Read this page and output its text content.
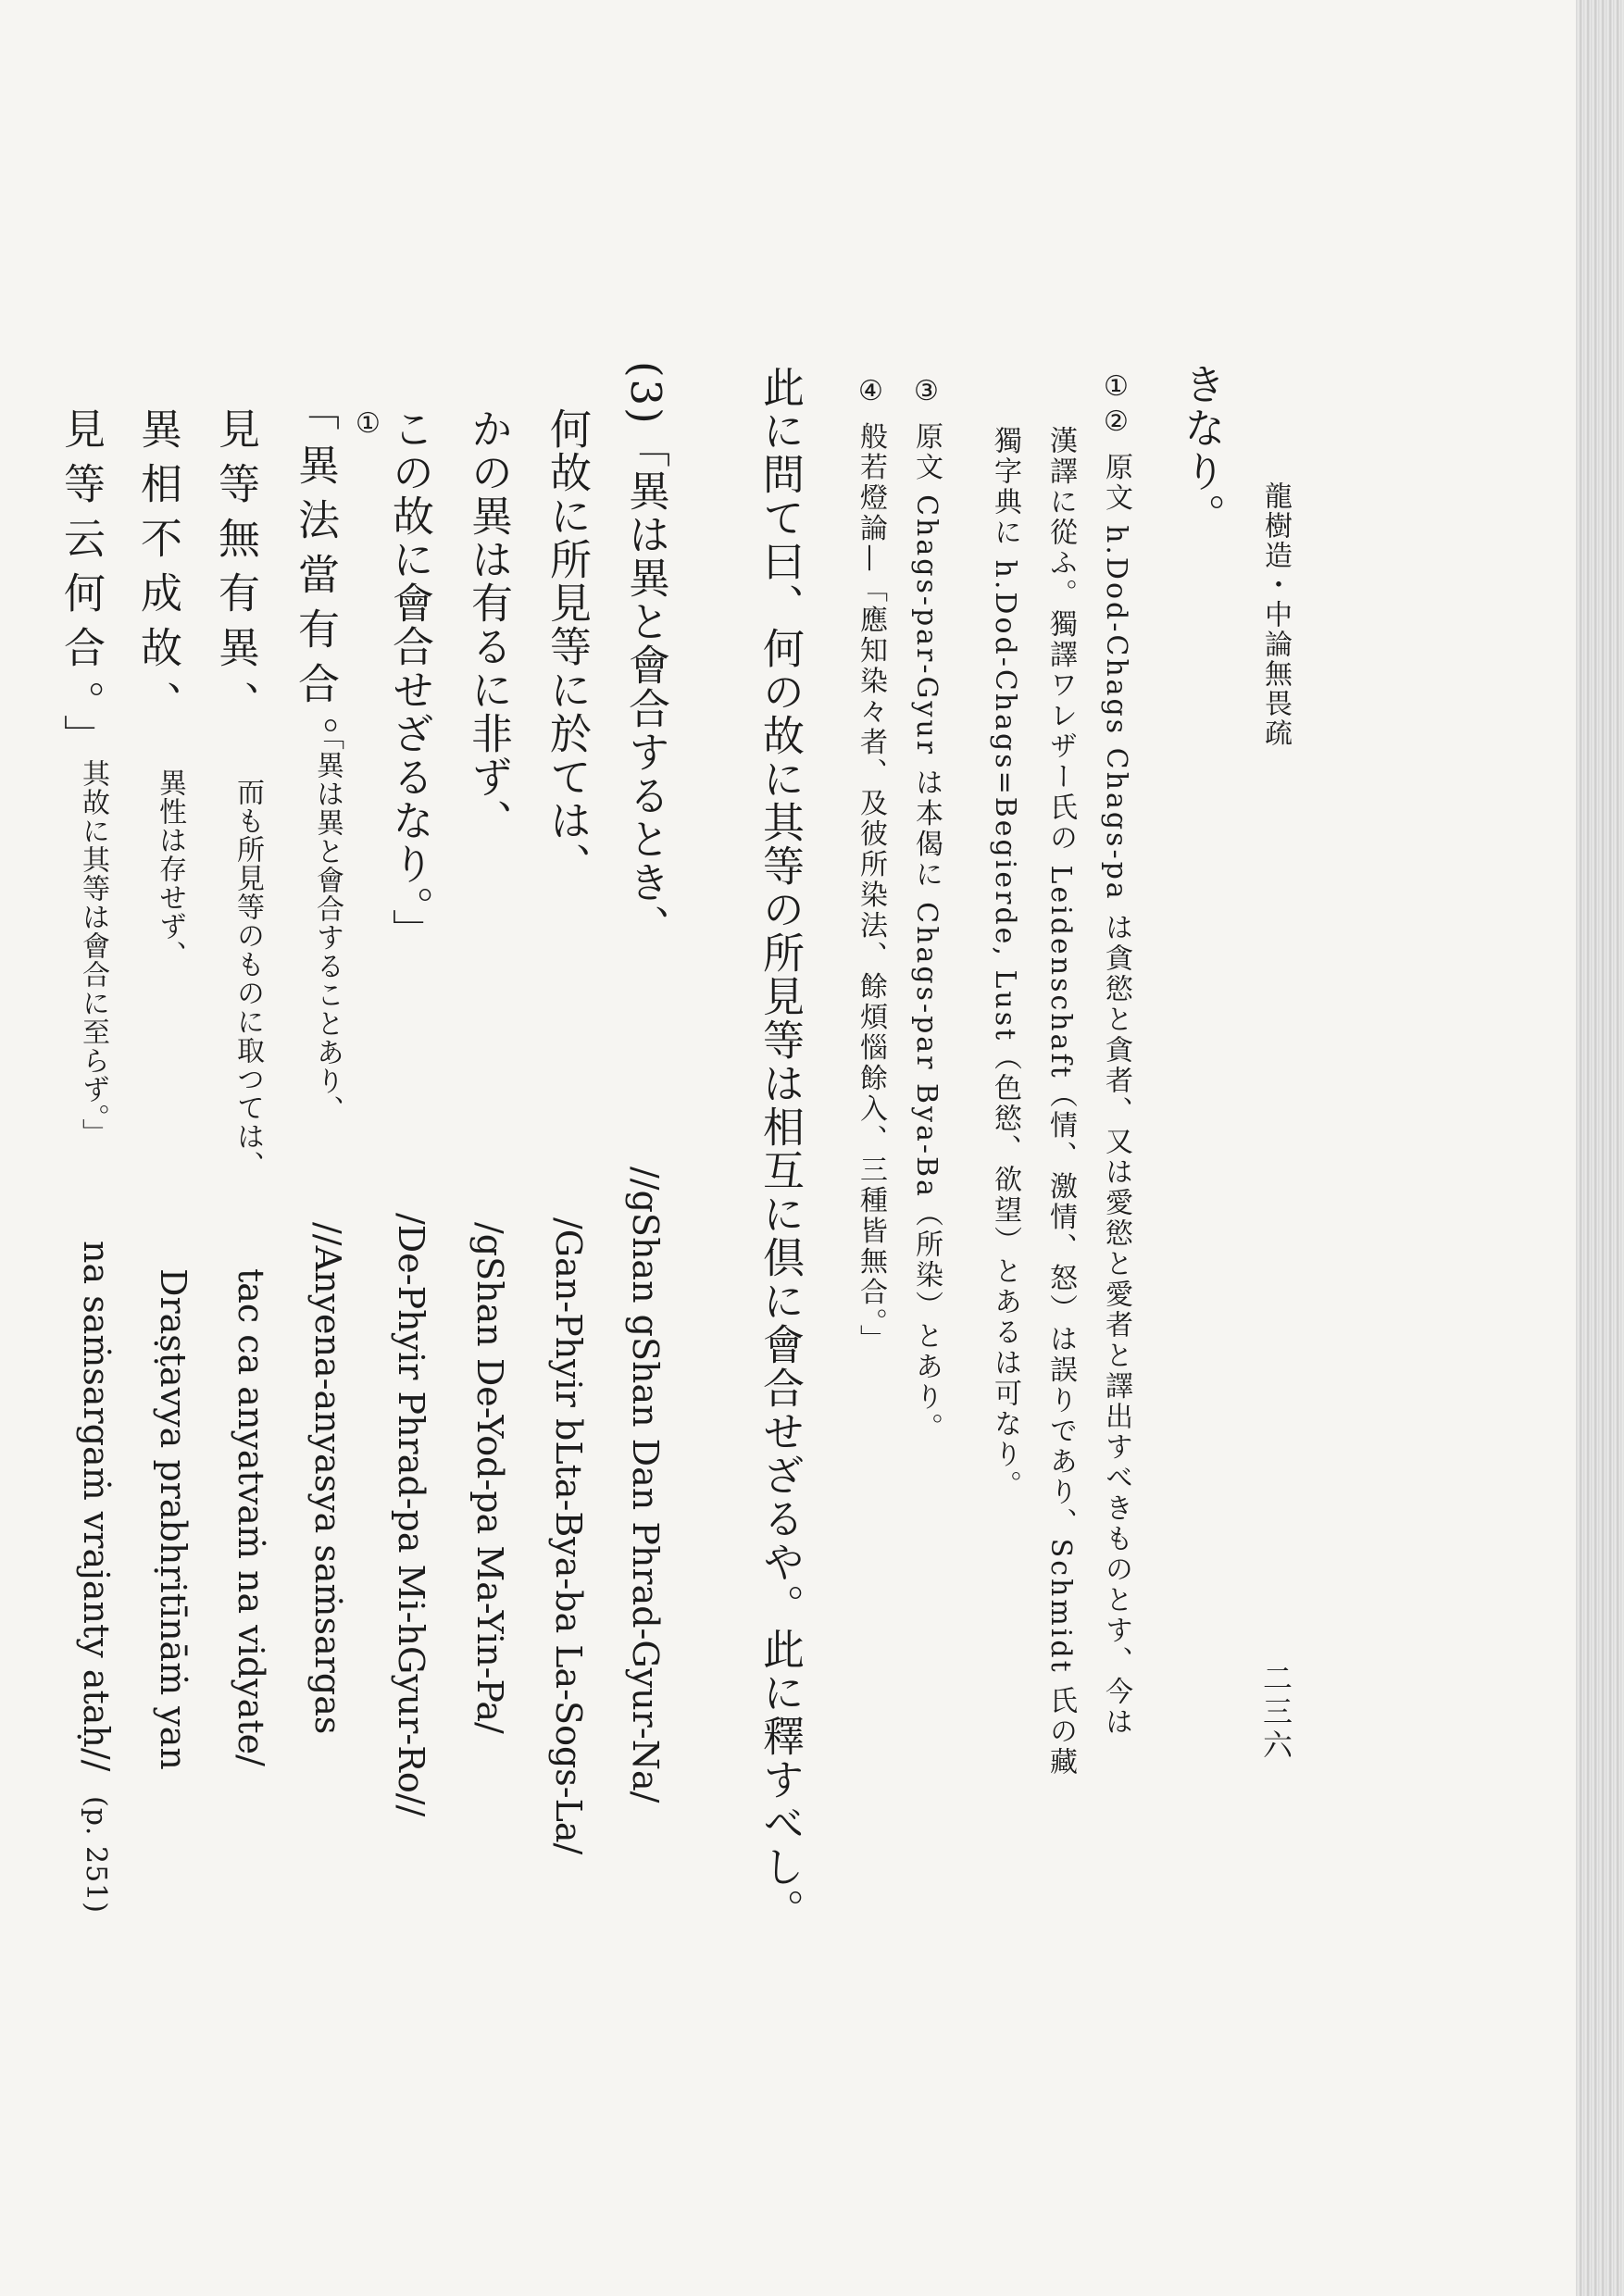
龍樹造・中論無畏疏
二三六
きなり。
①② 原文 h.Dod-Chags Chags-pa は貪慾と貪者、又は愛慾と愛者と譯出すべきものとす、今は
漢譯に從ふ。獨譯ワレザー氏の Leidenschaft（情、激情、怒）は誤りであり、Schmidt 氏の藏
獨字典に h.Dod-Chags=Begierde, Lust（色慾、欲望）とあるは可なり。
③ 原文 Chags-par-Gyur は本偈に Chags-par Bya-Ba（所染）とあり。
④ 般若燈論—「應知染々者、及彼所染法、餘煩惱餘入、三種皆無合。」
此に問て曰、何の故に其等の所見等は相互に倶に會合せざるや。此に釋すべし。
(3)「異は異と會合するとき、
//gShan gShan Dan Phrad-Gyur-Na/
何故に所見等に於ては、
/Gan-Phyir bLta-Bya-ba La-Sogs-La/
かの異は有るに非ず、
/gShan De-Yod-pa Ma-Yin-Pa/
この故に會合せざるなり。」
/De-Phyir Phrad-pa Mi-hGyur-Ro//
①
「異法當有合。
「異は異と會合することあり、
//Anyena-anyasya saṁsargas
見等無有異、
而も所見等のものに取つては、
tac ca anyatvaṁ na vidyate/
異相不成故、
異性は存せず、
Draṣṭavya prabhṛitīnāṁ yan
見等云何合。」
其故に其等は會合に至らず。」
na saṁsargaṁ vrajanty ataḥ//
(p. 251)
